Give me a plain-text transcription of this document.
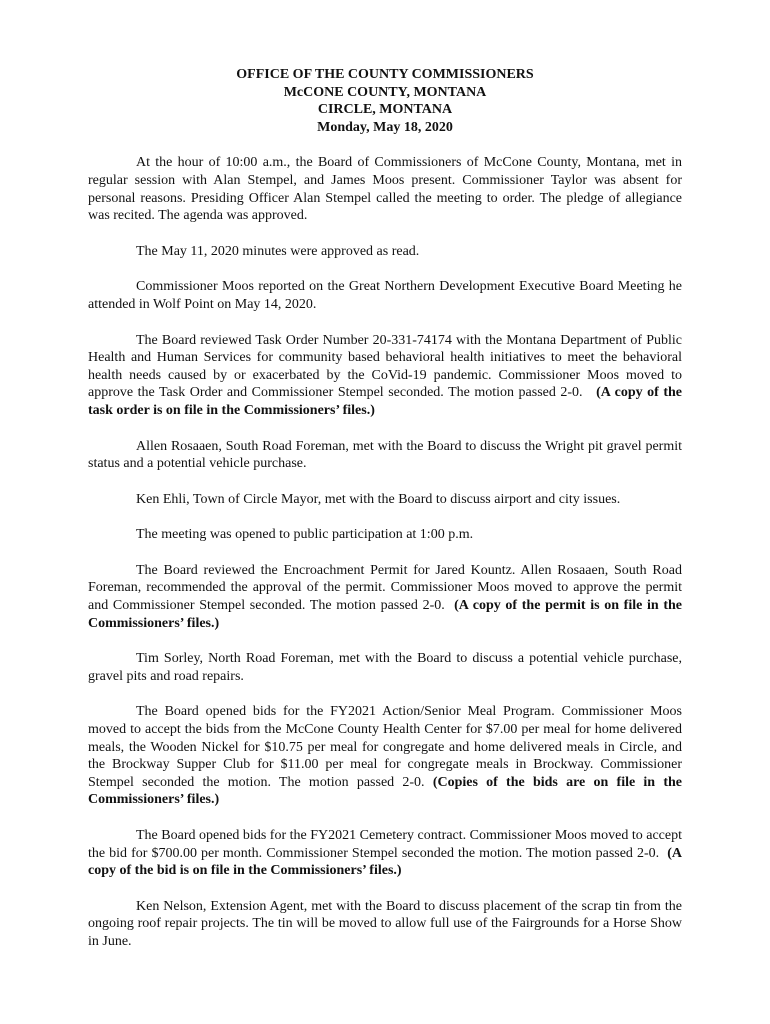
OFFICE OF THE COUNTY COMMISSIONERS
McCONE COUNTY, MONTANA
CIRCLE, MONTANA
Monday, May 18, 2020

At the hour of 10:00 a.m., the Board of Commissioners of McCone County, Montana, met in regular session with Alan Stempel, and James Moos present. Commissioner Taylor was absent for personal reasons. Presiding Officer Alan Stempel called the meeting to order. The pledge of allegiance was recited. The agenda was approved.

The May 11, 2020 minutes were approved as read.

Commissioner Moos reported on the Great Northern Development Executive Board Meeting he attended in Wolf Point on May 14, 2020.

The Board reviewed Task Order Number 20-331-74174 with the Montana Department of Public Health and Human Services for community based behavioral health initiatives to meet the behavioral health needs caused by or exacerbated by the CoVid-19 pandemic. Commissioner Moos moved to approve the Task Order and Commissioner Stempel seconded. The motion passed 2-0. (A copy of the task order is on file in the Commissioners’ files.)

Allen Rosaaen, South Road Foreman, met with the Board to discuss the Wright pit gravel permit status and a potential vehicle purchase.

Ken Ehli, Town of Circle Mayor, met with the Board to discuss airport and city issues.

The meeting was opened to public participation at 1:00 p.m.

The Board reviewed the Encroachment Permit for Jared Kountz. Allen Rosaaen, South Road Foreman, recommended the approval of the permit. Commissioner Moos moved to approve the permit and Commissioner Stempel seconded. The motion passed 2-0. (A copy of the permit is on file in the Commissioners’ files.)

Tim Sorley, North Road Foreman, met with the Board to discuss a potential vehicle purchase, gravel pits and road repairs.

The Board opened bids for the FY2021 Action/Senior Meal Program. Commissioner Moos moved to accept the bids from the McCone County Health Center for $7.00 per meal for home delivered meals, the Wooden Nickel for $10.75 per meal for congregate and home delivered meals in Circle, and the Brockway Supper Club for $11.00 per meal for congregate meals in Brockway. Commissioner Stempel seconded the motion. The motion passed 2-0. (Copies of the bids are on file in the Commissioners’ files.)

The Board opened bids for the FY2021 Cemetery contract. Commissioner Moos moved to accept the bid for $700.00 per month. Commissioner Stempel seconded the motion. The motion passed 2-0. (A copy of the bid is on file in the Commissioners’ files.)

Ken Nelson, Extension Agent, met with the Board to discuss placement of the scrap tin from the ongoing roof repair projects. The tin will be moved to allow full use of the Fairgrounds for a Horse Show in June.
